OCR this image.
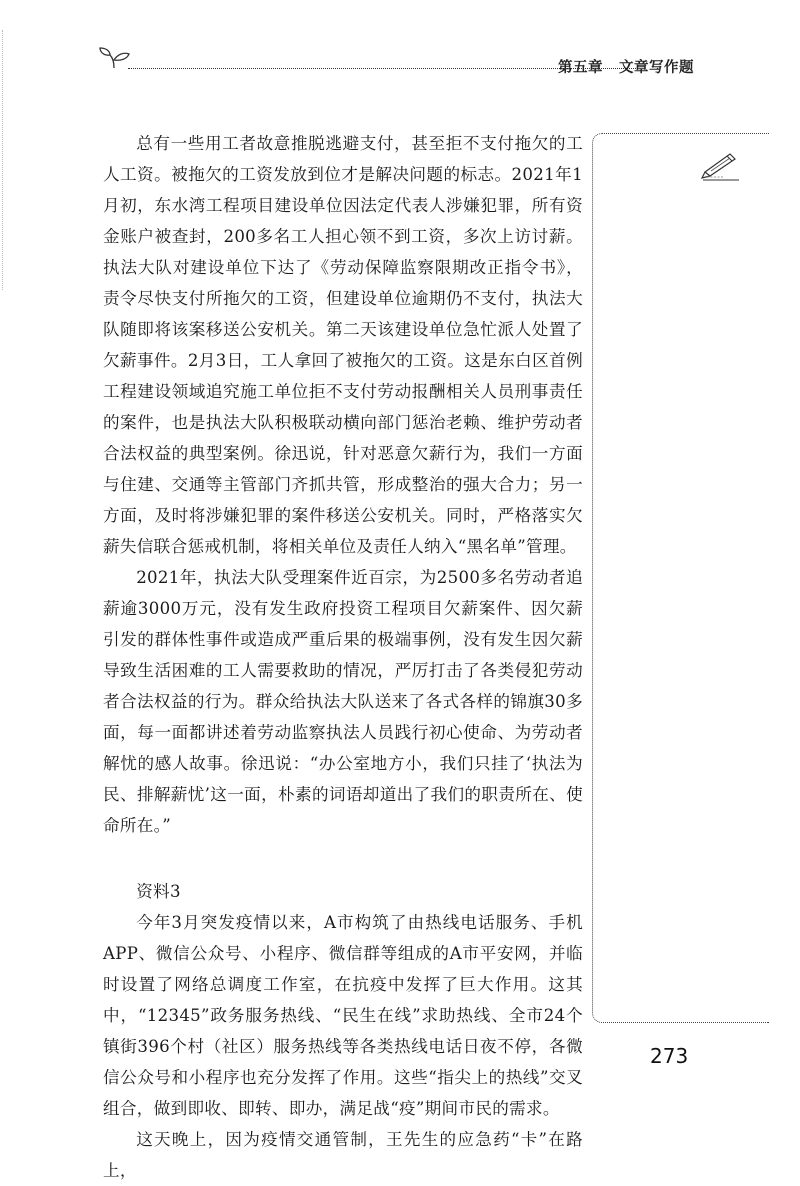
第五章 文章写作题

总有一些用工者故意推脱逃避支付，甚至拒不支付拖欠的工人工资。被拖欠的工资发放到位才是解决问题的标志。2021年1月初，东水湾工程项目建设单位因法定代表人涉嫌犯罪，所有资金账户被查封，200多名工人担心领不到工资，多次上访讨薪。执法大队对建设单位下达了《劳动保障监察限期改正指令书》，责令尽快支付所拖欠的工资，但建设单位逾期仍不支付，执法大队随即将该案移送公安机关。第二天该建设单位急忙派人处置了欠薪事件。2月3日，工人拿回了被拖欠的工资。这是东白区首例工程建设领域追究施工单位拒不支付劳动报酬相关人员刑事责任的案件，也是执法大队积极联动横向部门惩治老赖、维护劳动者合法权益的典型案例。徐迅说，针对恶意欠薪行为，我们一方面与住建、交通等主管部门齐抓共管，形成整治的强大合力；另一方面，及时将涉嫌犯罪的案件移送公安机关。同时，严格落实欠薪失信联合惩戒机制，将相关单位及责任人纳入“黑名单”管理。

2021年，执法大队受理案件近百宗，为2500多名劳动者追薪逾3000万元，没有发生政府投资工程项目欠薪案件、因欠薪引发的群体性事件或造成严重后果的极端事例，没有发生因欠薪导致生活困难的工人需要救助的情况，严厉打击了各类侵犯劳动者合法权益的行为。群众给执法大队送来了各式各样的锦旗30多面，每一面都讲述着劳动监察执法人员践行初心使命、为劳动者解忧的感人故事。徐迅说：“办公室地方小，我们只挂了‘执法为民、排解薪忧’这一面，朴素的词语却道出了我们的职责所在、使命所在。”

资料3

今年3月突发疫情以来，A市构筑了由热线电话服务、手机APP、微信公众号、小程序、微信群等组成的A市平安网，并临时设置了网络总调度工作室，在抗疫中发挥了巨大作用。这其中，“12345”政务服务热线、“民生在线”求助热线、全市24个镇街396个村（社区）服务热线等各类热线电话日夜不停，各微信公众号和小程序也充分发挥了作用。这些“指尖上的热线”交叉组合，做到即收、即转、即办，满足战“疫”期间市民的需求。

这天晚上，因为疫情交通管制，王先生的应急药“卡”在路上，

273
